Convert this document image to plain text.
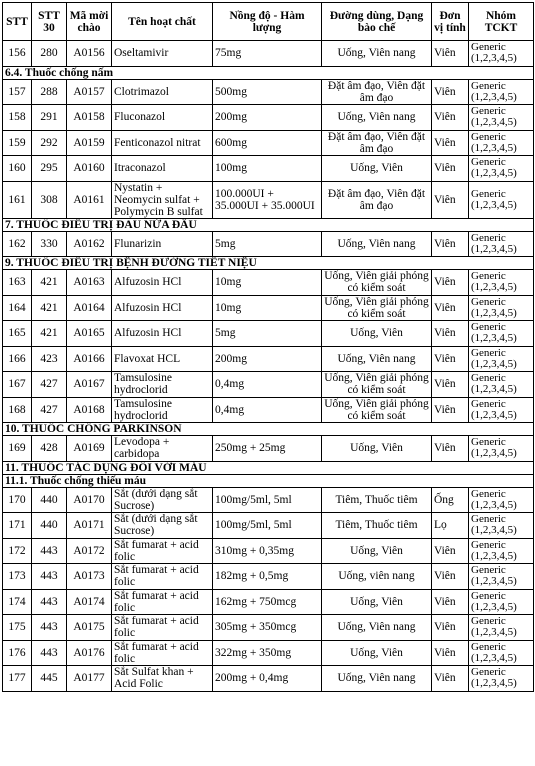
STT	STT 30	Mã mời chào	Tên hoạt chất	Nồng độ - Hàm lượng	Đường dùng, Dạng bào chế	Đơn vị tính	Nhóm TCKT
156	280	A0156	Oseltamivir	75mg	Uống, Viên nang	Viên	Generic (1,2,3,4,5)
6.4. Thuốc chống nấm							
157	288	A0157	Clotrimazol	500mg	Đặt âm đạo, Viên đặt âm đạo	Viên	Generic (1,2,3,4,5)
158	291	A0158	Fluconazol	200mg	Uống, Viên nang	Viên	Generic (1,2,3,4,5)
159	292	A0159	Fenticonazol nitrat	600mg	Đặt âm đạo, Viên đặt âm đạo	Viên	Generic (1,2,3,4,5)
160	295	A0160	Itraconazol	100mg	Uống, Viên	Viên	Generic (1,2,3,4,5)
161	308	A0161	Nystatin + Neomycin sulfat + Polymycin B sulfat	100.000UI + 35.000UI + 35.000UI	Đặt âm đạo, Viên đặt âm đạo	Viên	Generic (1,2,3,4,5)
7. THUỐC ĐIỀU TRỊ ĐAU NỬA ĐẦU							
162	330	A0162	Flunarizin	5mg	Uống, Viên nang	Viên	Generic (1,2,3,4,5)
9. THUỐC ĐIỀU TRỊ BỆNH ĐƯỜNG TIẾT NIỆU							
163	421	A0163	Alfuzosin HCl	10mg	Uống, Viên giải phóng có kiểm soát	Viên	Generic (1,2,3,4,5)
164	421	A0164	Alfuzosin HCl	10mg	Uống, Viên giải phóng có kiểm soát	Viên	Generic (1,2,3,4,5)
165	421	A0165	Alfuzosin HCl	5mg	Uống, Viên	Viên	Generic (1,2,3,4,5)
166	423	A0166	Flavoxat HCL	200mg	Uống, Viên nang	Viên	Generic (1,2,3,4,5)
167	427	A0167	Tamsulosine hydroclorid	0,4mg	Uống, Viên giải phóng có kiểm soát	Viên	Generic (1,2,3,4,5)
168	427	A0168	Tamsulosine hydroclorid	0,4mg	Uống, Viên giải phóng có kiểm soát	Viên	Generic (1,2,3,4,5)
10. THUỐC CHỐNG PARKINSON							
169	428	A0169	Levodopa + carbidopa	250mg + 25mg	Uống, Viên	Viên	Generic (1,2,3,4,5)
11. THUỐC TÁC DỤNG ĐỐI VỚI MÁU							
11.1. Thuốc chống thiếu máu							
170	440	A0170	Sắt (dưới dạng sắt Sucrose)	100mg/5ml, 5ml	Tiêm, Thuốc tiêm	Ống	Generic (1,2,3,4,5)
171	440	A0171	Sắt (dưới dạng sắt Sucrose)	100mg/5ml, 5ml	Tiêm, Thuốc tiêm	Lọ	Generic (1,2,3,4,5)
172	443	A0172	Sắt fumarat + acid folic	310mg + 0,35mg	Uống, Viên	Viên	Generic (1,2,3,4,5)
173	443	A0173	Sắt fumarat + acid folic	182mg + 0,5mg	Uống, viên nang	Viên	Generic (1,2,3,4,5)
174	443	A0174	Sắt fumarat + acid folic	162mg + 750mcg	Uống, Viên	Viên	Generic (1,2,3,4,5)
175	443	A0175	Sắt fumarat + acid folic	305mg + 350mcg	Uống, Viên nang	Viên	Generic (1,2,3,4,5)
176	443	A0176	Sắt fumarat + acid folic	322mg + 350mg	Uống, Viên	Viên	Generic (1,2,3,4,5)
177	445	A0177	Sắt Sulfat khan + Acid Folic	200mg + 0,4mg	Uống, Viên nang	Viên	Generic (1,2,3,4,5)
